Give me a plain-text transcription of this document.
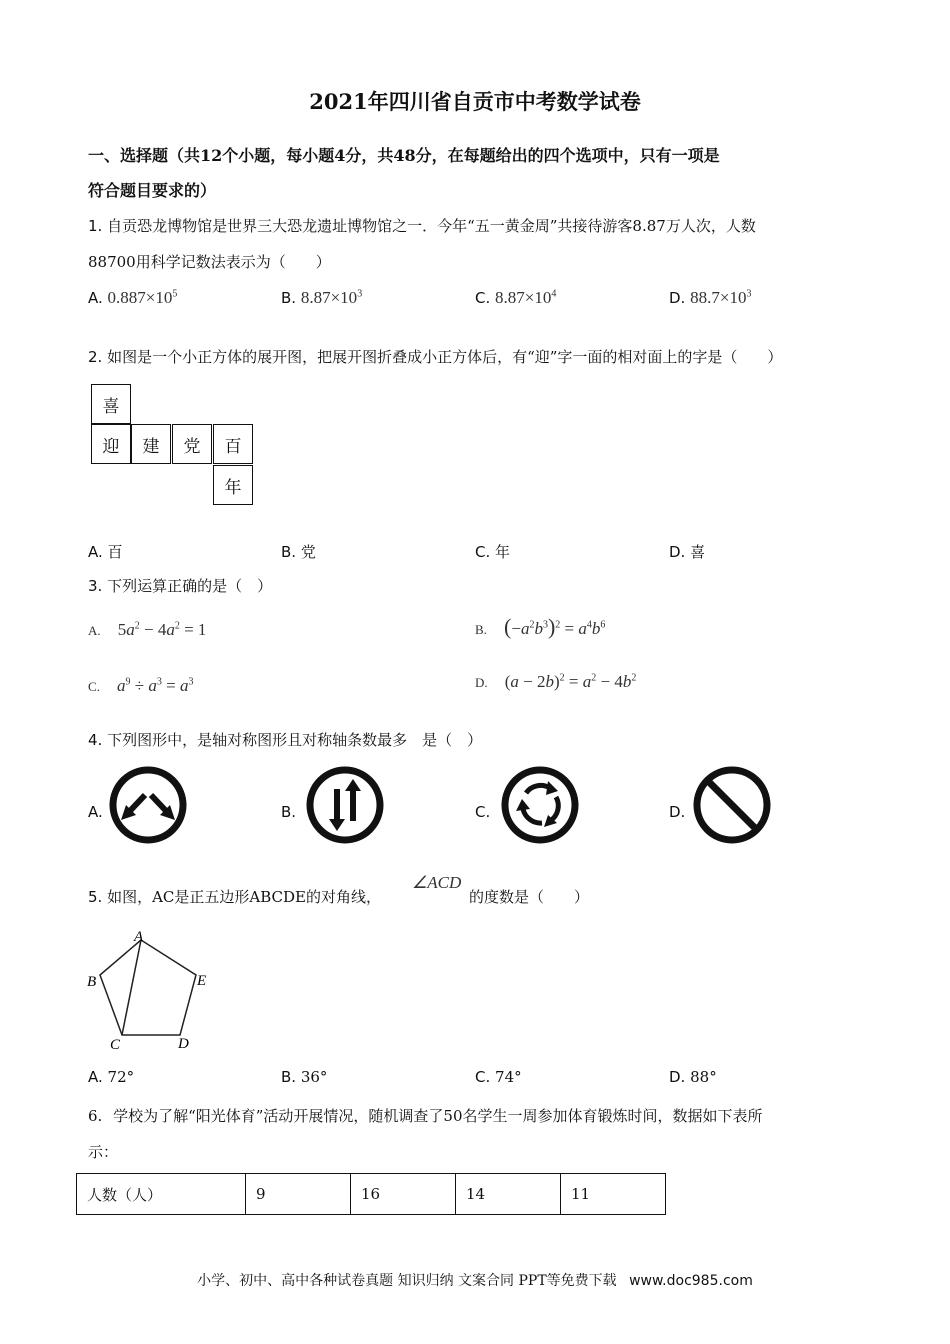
2021年四川省自贡市中考数学试卷
一、选择题（共12个小题，每小题4分，共48分，在每题给出的四个选项中，只有一项是
符合题目要求的）
1. 自贡恐龙博物馆是世界三大恐龙遗址博物馆之一．今年“五一黄金周”共接待游客8.87万人次，人数
88700用科学记数法表示为（　　）
A. $0.887\times 10^5$	B. $8.87\times 10^3$	C. $8.87\times 10^4$	D. $88.7\times 10^3$
2. 如图是一个小正方体的展开图，把展开图折叠成小正方体后，有“迎”字一面的相对面上的字是（　　）
喜
迎	建	党	百
年
A. 百	B. 党	C. 年	D. 喜
3. 下列运算正确的是（　）
A. $5a^2 - 4a^2 = 1$	B. $(-a^2b^3)^2 = a^4b^6$
C. $a^9 \div a^3 = a^3$	D. $(a - 2b)^2 = a^2 - 4b^2$
4. 下列图形中，是轴对称图形且对称轴条数最多　是（　）
A.	B.	C.	D.
5. 如图，AC是正五边形ABCDE的对角线，
∠ACD
的度数是（　　）
A
B
C	D
E
A. 72°	B. 36°	C. 74°	D. 88°
6. 学校为了解“阳光体育”活动开展情况，随机调查了50名学生一周参加体育锻炼时间，数据如下表所
示：
人数（人）	9	16	14	11
小学、初中、高中各种试卷真题 知识归纳 文案合同 PPT等免费下载 www.doc985.com
